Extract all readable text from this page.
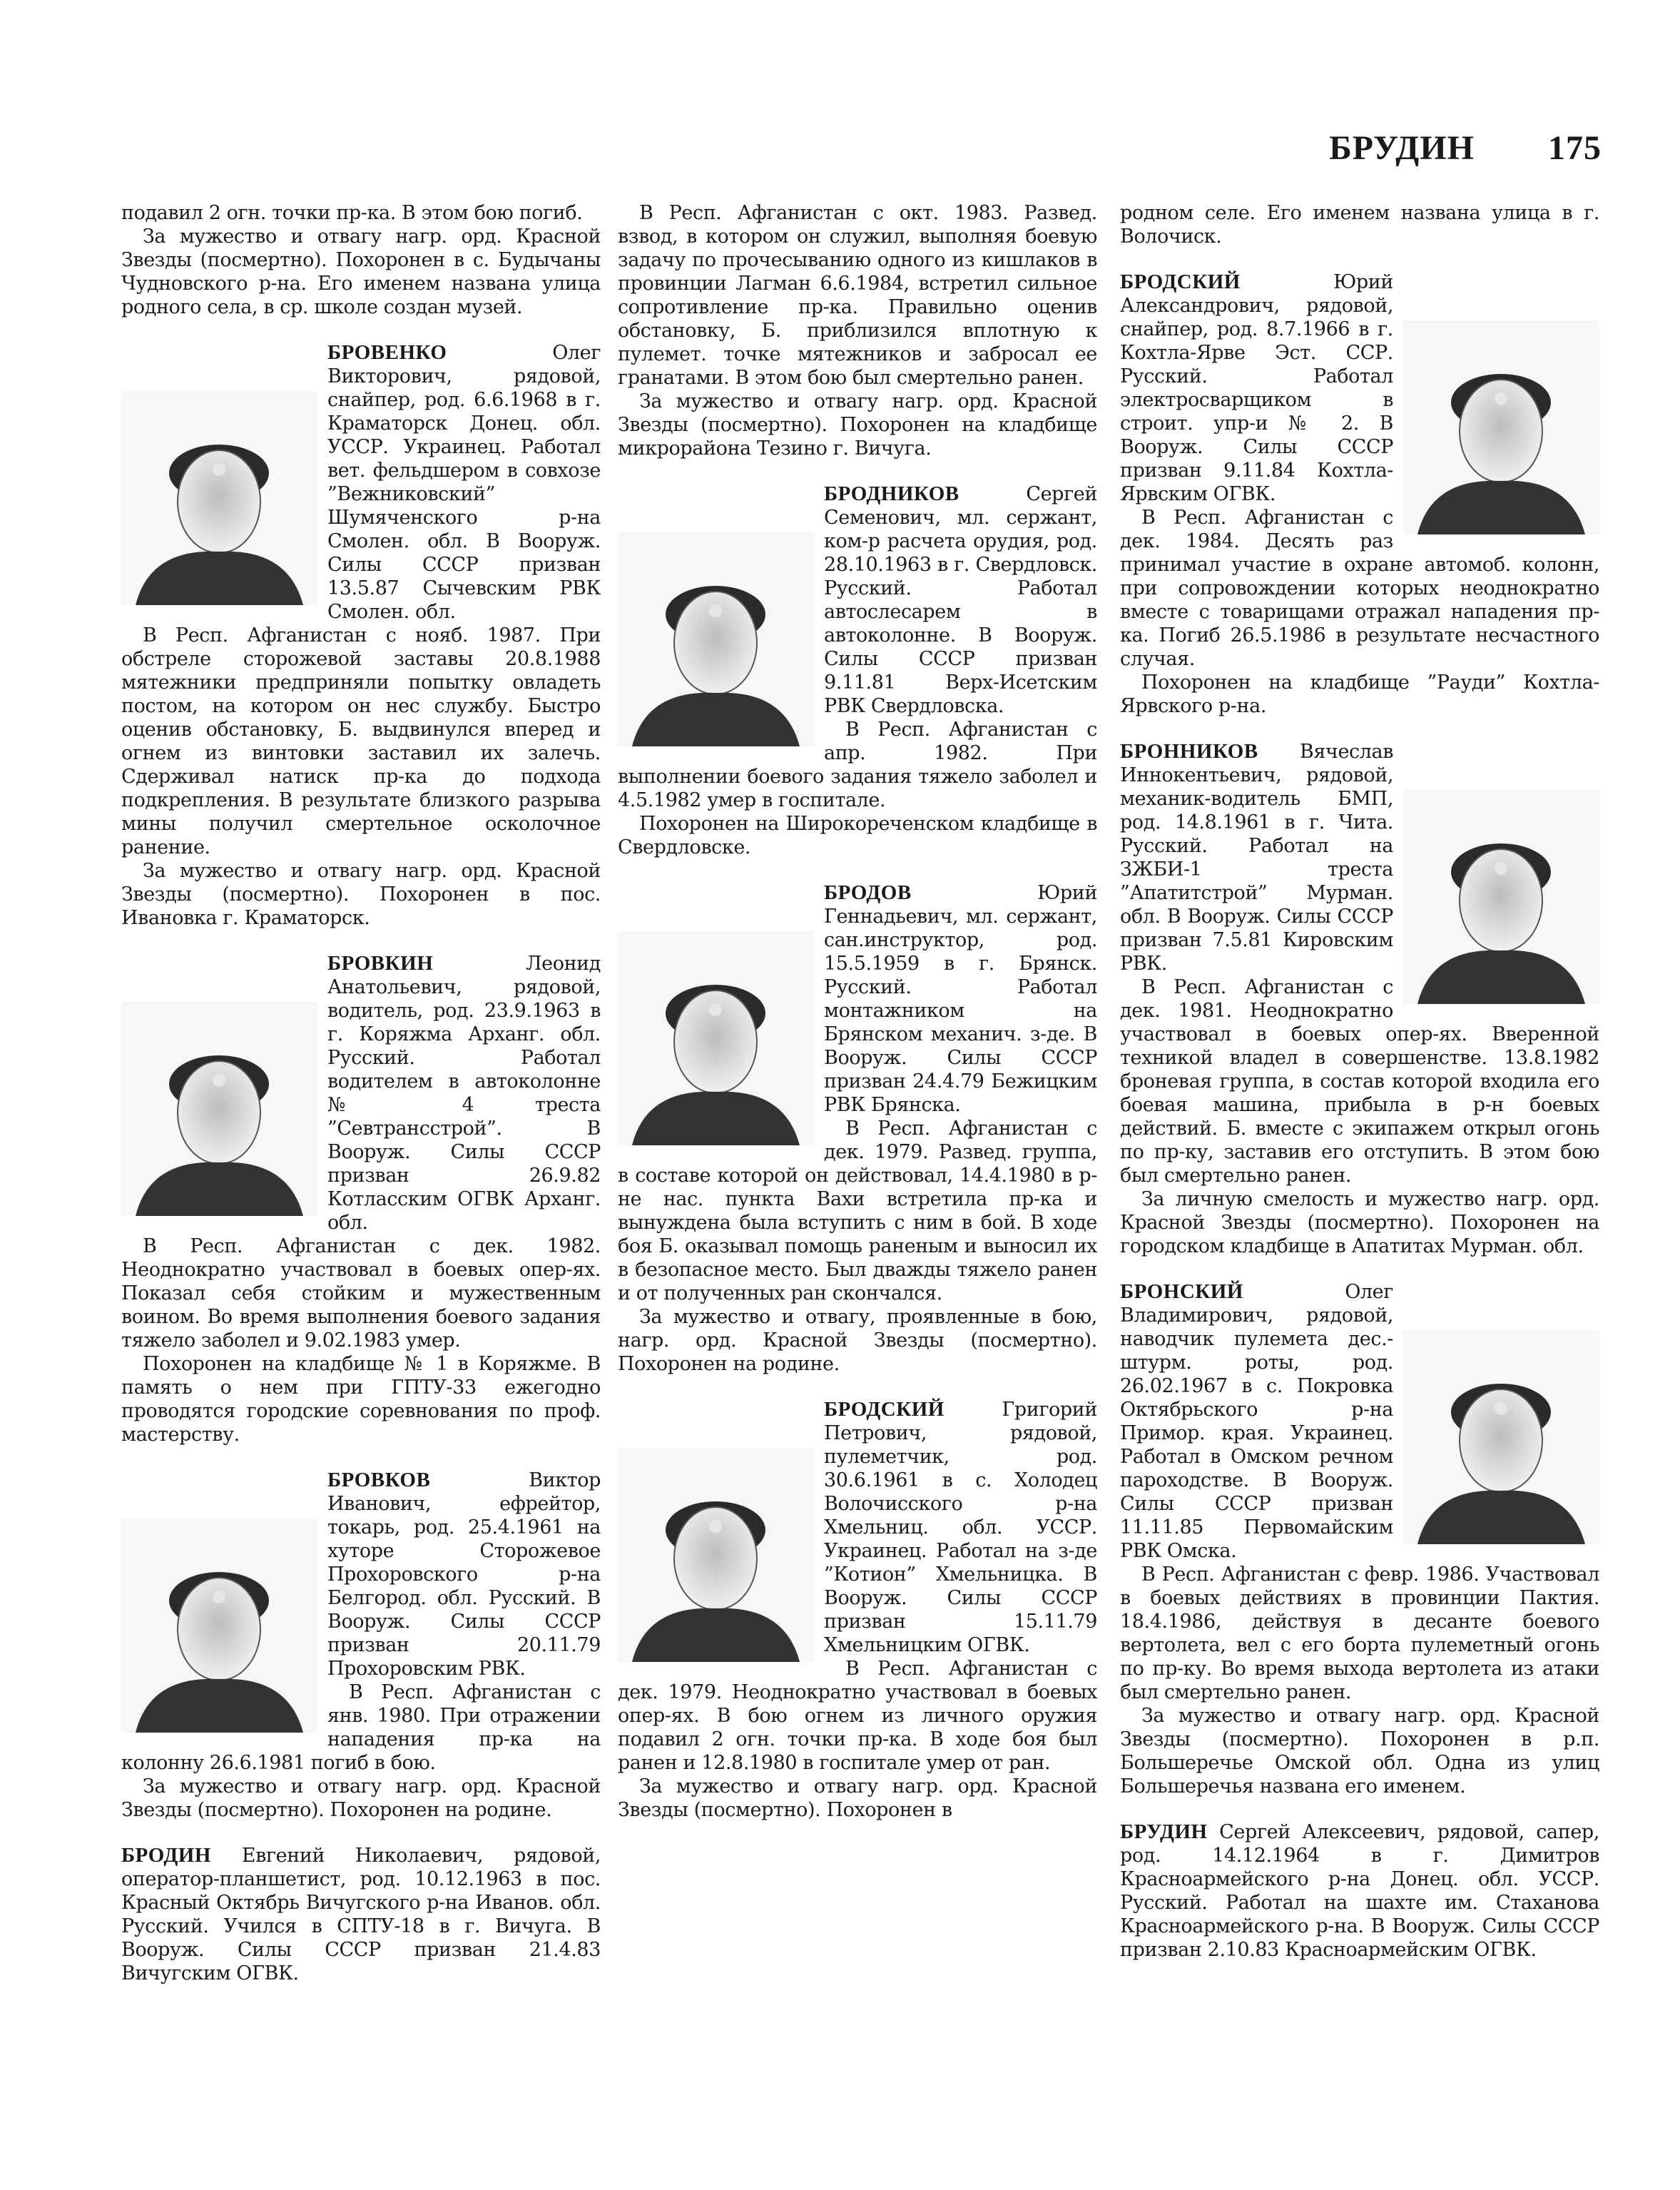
БРУДИН 175

подавил 2 огн. точки пр-ка. В этом бою погиб.

За мужество и отвагу нагр. орд. Красной Звезды (посмертно). Похоронен в с. Будычаны Чудновского р-на. Его именем названа улица родного села, в ср. школе создан музей.

БРОВЕНКО	Олег Викторович, рядовой, снайпер, род. 6.6.1968 в г. Краматорск Донец. обл. УССР. Украинец. Работал вет. фельдшером в совхозе ”Вежниковский” Шумячeнского р-на Смолен. обл. В Вооруж. Силы СССР призван 13.5.87 Сычевским РВК Смолен. обл.

В Респ. Афганистан с нояб. 1987. При обстреле сторожевой заставы 20.8.1988 мятежники предприняли попытку овладеть постом, на котором он нес службу. Быстро оценив обстановку, Б. выдвинулся вперед и огнем из винтовки заставил их залечь. Сдерживал натиск пр-ка до подхода подкрепления. В результате близкого разрыва мины получил смертельное осколочное ранение.

За мужество и отвагу нагр. орд. Красной Звезды (посмертно). Похоронен в пос. Ивановка г. Краматорск.

БРОВКИН	Леонид Анатольевич, рядовой, водитель, род. 23.9.1963 в г. Коряжма Арханг. обл. Русский. Работал водителем в автоколонне № 4 треста ”Севтрансстрой”. В Вооруж. Силы СССР призван 26.9.82 Котласским ОГВК Арханг. обл.

В Респ. Афганистан с дек. 1982. Неоднократно участвовал в боевых опер-ях. Показал себя стойким и мужественным воином. Во время выполнения боевого задания тяжело заболел и 9.02.1983 умер.

Похоронен на кладбище № 1 в Коряжме. В память о нем при ГПТУ-33 ежегодно проводятся городские соревнования по проф. мастерству.

БРОВКОВ	Виктор Иванович, ефрейтор, токарь, род. 25.4.1961 на хуторе Сторожевое Прохоровского р-на Белгород. обл. Русский. В Вооруж. Силы СССР призван 20.11.79 Прохоровским РВК.

В Респ. Афганистан с янв. 1980. При отражении нападения пр-ка на колонну 26.6.1981 погиб в бою.

За мужество и отвагу нагр. орд. Красной Звезды (посмертно). Похоронен на родине.

БРОДИН Евгений Николаевич, рядовой, оператор-планшетист, род. 10.12.1963 в пос. Красный Октябрь Вичугского р-на Иванов. обл. Русский. Учился в СПТУ-18 в г. Вичуга. В Вооруж. Силы СССР призван 21.4.83 Вичугским ОГВК.

В Респ. Афганистан с окт. 1983. Развед. взвод, в котором он служил, выполняя боевую задачу по прочесыванию одного из кишлаков в провинции Лагман 6.6.1984, встретил сильное сопротивление пр-ка. Правильно оценив обстановку, Б. приблизился вплотную к пулемет. точке мятежников и забросал ее гранатами. В этом бою был смертельно ранен.

За мужество и отвагу нагр. орд. Красной Звезды (посмертно). Похоронен на кладбище микрорайона Тезино г. Вичуга.

БРОДНИКОВ	Сергей Семенович, мл. сержант, ком-р расчета орудия, род. 28.10.1963 в г. Свердловск. Русский. Работал автослесарем в автоколонне. В Вооруж. Силы СССР призван 9.11.81 Верх-Исетским РВК Свердловска.

В Респ. Афганистан с апр. 1982. При выполнении боевого задания тяжело заболел и 4.5.1982 умер в госпитале.

Похоронен на Широкореченском кладбище в Свердловске.

БРОДОВ	Юрий Геннадьевич, мл. сержант, сан.инструктор, род. 15.5.1959 в г. Брянск. Русский. Работал монтажником на Брянском механич. з-де. В Вооруж. Силы СССР призван 24.4.79 Бежицким РВК Брянска.

В Респ. Афганистан с дек. 1979. Развед. группа, в составе которой он действовал, 14.4.1980 в р-не нас. пункта Вахи встретила пр-ка и вынуждена была вступить с ним в бой. В ходе боя Б. оказывал помощь раненым и выносил их в безопасное место. Был дважды тяжело ранен и от полученных ран скончался.

За мужество и отвагу, проявленные в бою, нагр. орд. Красной Звезды (посмертно). Похоронен на родине.

БРОДСКИЙ	Григорий Петрович, рядовой, пулеметчик, род. 30.6.1961 в с. Холодец Волочисского р-на Хмельниц. обл. УССР. Украинец. Работал на з-де ”Котион” Хмельницка. В Вооруж. Силы СССР призван 15.11.79 Хмельницким ОГВК.

В Респ. Афганистан с дек. 1979. Неоднократно участвовал в боевых опер-ях. В бою огнем из личного оружия подавил 2 огн. точки пр-ка. В ходе боя был ранен и 12.8.1980 в госпитале умер от ран.

За мужество и отвагу нагр. орд. Красной Звезды (посмертно). Похоронен в

родном селе. Его именем названа улица в г. Волочиск.

БРОДСКИЙ	Юрий Александрович, рядовой, снайпер, род. 8.7.1966 в г. Кохтла-Ярве Эст. ССР. Русский. Работал электросварщиком в строит. упр-и № 2. В Вооруж. Силы СССР призван 9.11.84 Кохтла-Ярвским ОГВК.

В Респ. Афганистан с дек. 1984. Десять раз принимал участие в охране автомоб. колонн, при сопровождении которых неоднократно вместе с товарищами отражал нападения пр-ка. Погиб 26.5.1986 в результате несчастного случая.

Похоронен на кладбище ”Рауди” Кохтла-Ярвского р-на.

БРОННИКОВ Вячеслав Иннокентьевич, рядовой, механик-водитель БМП, род. 14.8.1961 в г. Чита. Русский. Работал на ЗЖБИ-1 треста ”Апатитстрой” Мурман. обл. В Вооруж. Силы СССР призван 7.5.81 Кировским РВК.

В Респ. Афганистан с дек. 1981. Неоднократно участвовал в боевых опер-ях. Вверенной техникой владел в совершенстве. 13.8.1982 броневая группа, в состав которой входила его боевая машина, прибыла в р-н боевых действий. Б. вместе с экипажем открыл огонь по пр-ку, заставив его отступить. В этом бою был смертельно ранен.

За личную смелость и мужество нагр. орд. Красной Звезды (посмертно). Похоронен на городском кладбище в Апатитах Мурман. обл.

БРОНСКИЙ	Олег Владимирович, рядовой, наводчик пулемета дес.-штурм. роты, род. 26.02.1967 в с. Покровка Октябрьского р-на Примор. края. Украинец. Работал в Омском речном пароходстве. В Вооруж. Силы СССР призван 11.11.85 Первомайским РВК Омска.

В Респ. Афганистан с февр. 1986. Участвовал в боевых действиях в провинции Пактия. 18.4.1986, действуя в десанте боевого вертолета, вел с его борта пулеметный огонь по пр-ку. Во время выхода вертолета из атаки был смертельно ранен.

За мужество и отвагу нагр. орд. Красной Звезды (посмертно). Похоронен в р.п. Большеречье Омской обл. Одна из улиц Большеречья названа его именем.

БРУДИН Сергей Алексеевич, рядовой, сапер, род. 14.12.1964 в г. Димитров Красноармейского р-на Донец. обл. УССР. Русский. Работал на шахте им. Стаханова Красноармейского р-на. В Вооруж. Силы СССР призван 2.10.83 Красноармейским ОГВК.
